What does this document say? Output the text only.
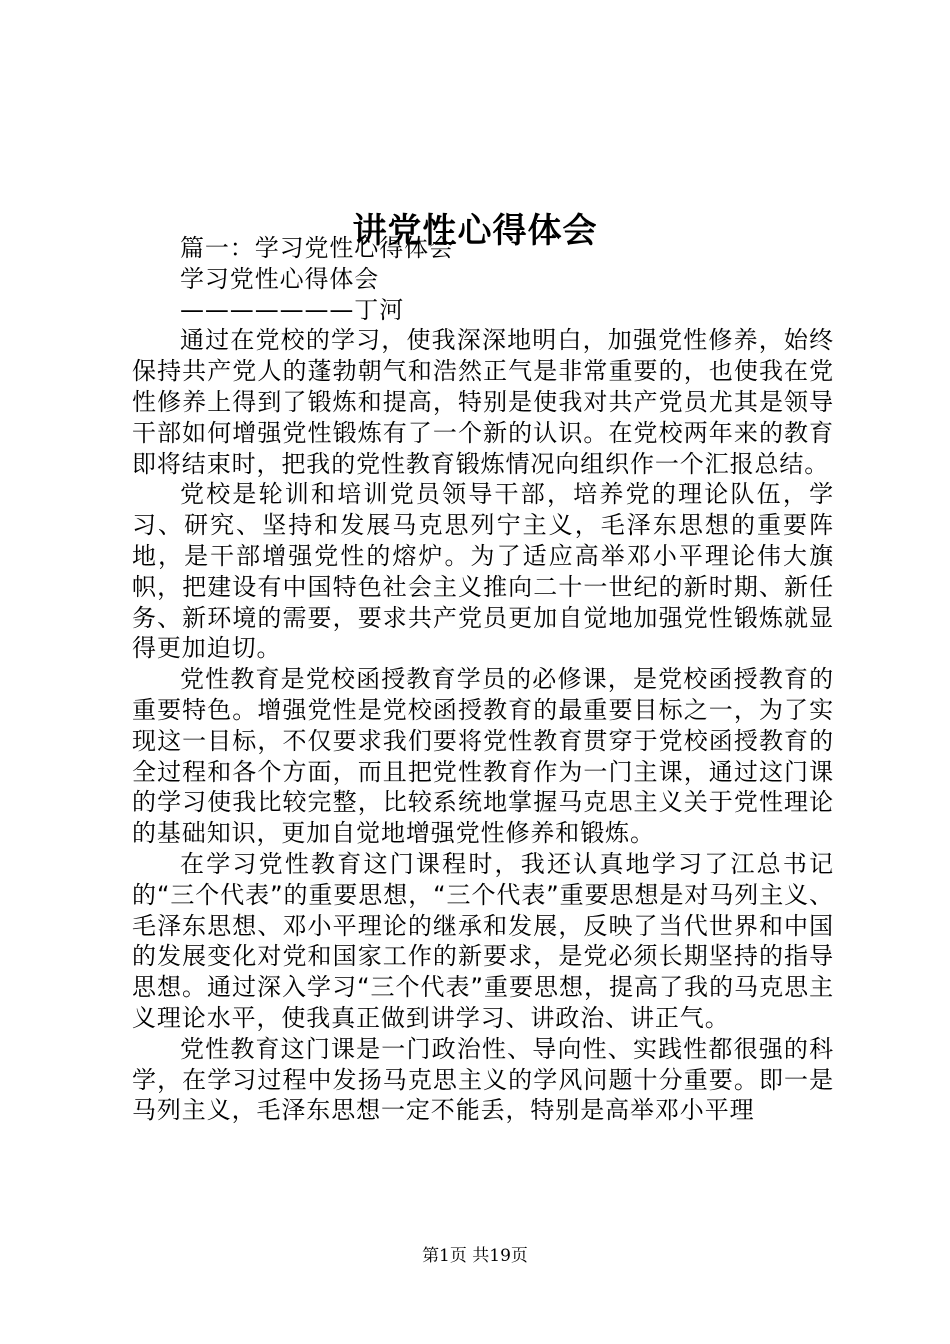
讲党性心得体会

篇一：学习党性心得体会

学习党性心得体会

———————丁河

通过在党校的学习，使我深深地明白，加强党性修养，始终保持共产党人的蓬勃朝气和浩然正气是非常重要的，也使我在党性修养上得到了锻炼和提高，特别是使我对共产党员尤其是领导干部如何增强党性锻炼有了一个新的认识。在党校两年来的教育即将结束时，把我的党性教育锻炼情况向组织作一个汇报总结。

党校是轮训和培训党员领导干部，培养党的理论队伍，学习、研究、坚持和发展马克思列宁主义，毛泽东思想的重要阵地，是干部增强党性的熔炉。为了适应高举邓小平理论伟大旗帜，把建设有中国特色社会主义推向二十一世纪的新时期、新任务、新环境的需要，要求共产党员更加自觉地加强党性锻炼就显得更加迫切。

党性教育是党校函授教育学员的必修课，是党校函授教育的重要特色。增强党性是党校函授教育的最重要目标之一，为了实现这一目标，不仅要求我们要将党性教育贯穿于党校函授教育的全过程和各个方面，而且把党性教育作为一门主课，通过这门课的学习使我比较完整，比较系统地掌握马克思主义关于党性理论的基础知识，更加自觉地增强党性修养和锻炼。

在学习党性教育这门课程时，我还认真地学习了江总书记的“三个代表”的重要思想，“三个代表”重要思想是对马列主义、毛泽东思想、邓小平理论的继承和发展，反映了当代世界和中国的发展变化对党和国家工作的新要求，是党必须长期坚持的指导思想。通过深入学习“三个代表”重要思想，提高了我的马克思主义理论水平，使我真正做到讲学习、讲政治、讲正气。

党性教育这门课是一门政治性、导向性、实践性都很强的科学，在学习过程中发扬马克思主义的学风问题十分重要。即一是马列主义，毛泽东思想一定不能丢，特别是高举邓小平理

第1页 共19页
